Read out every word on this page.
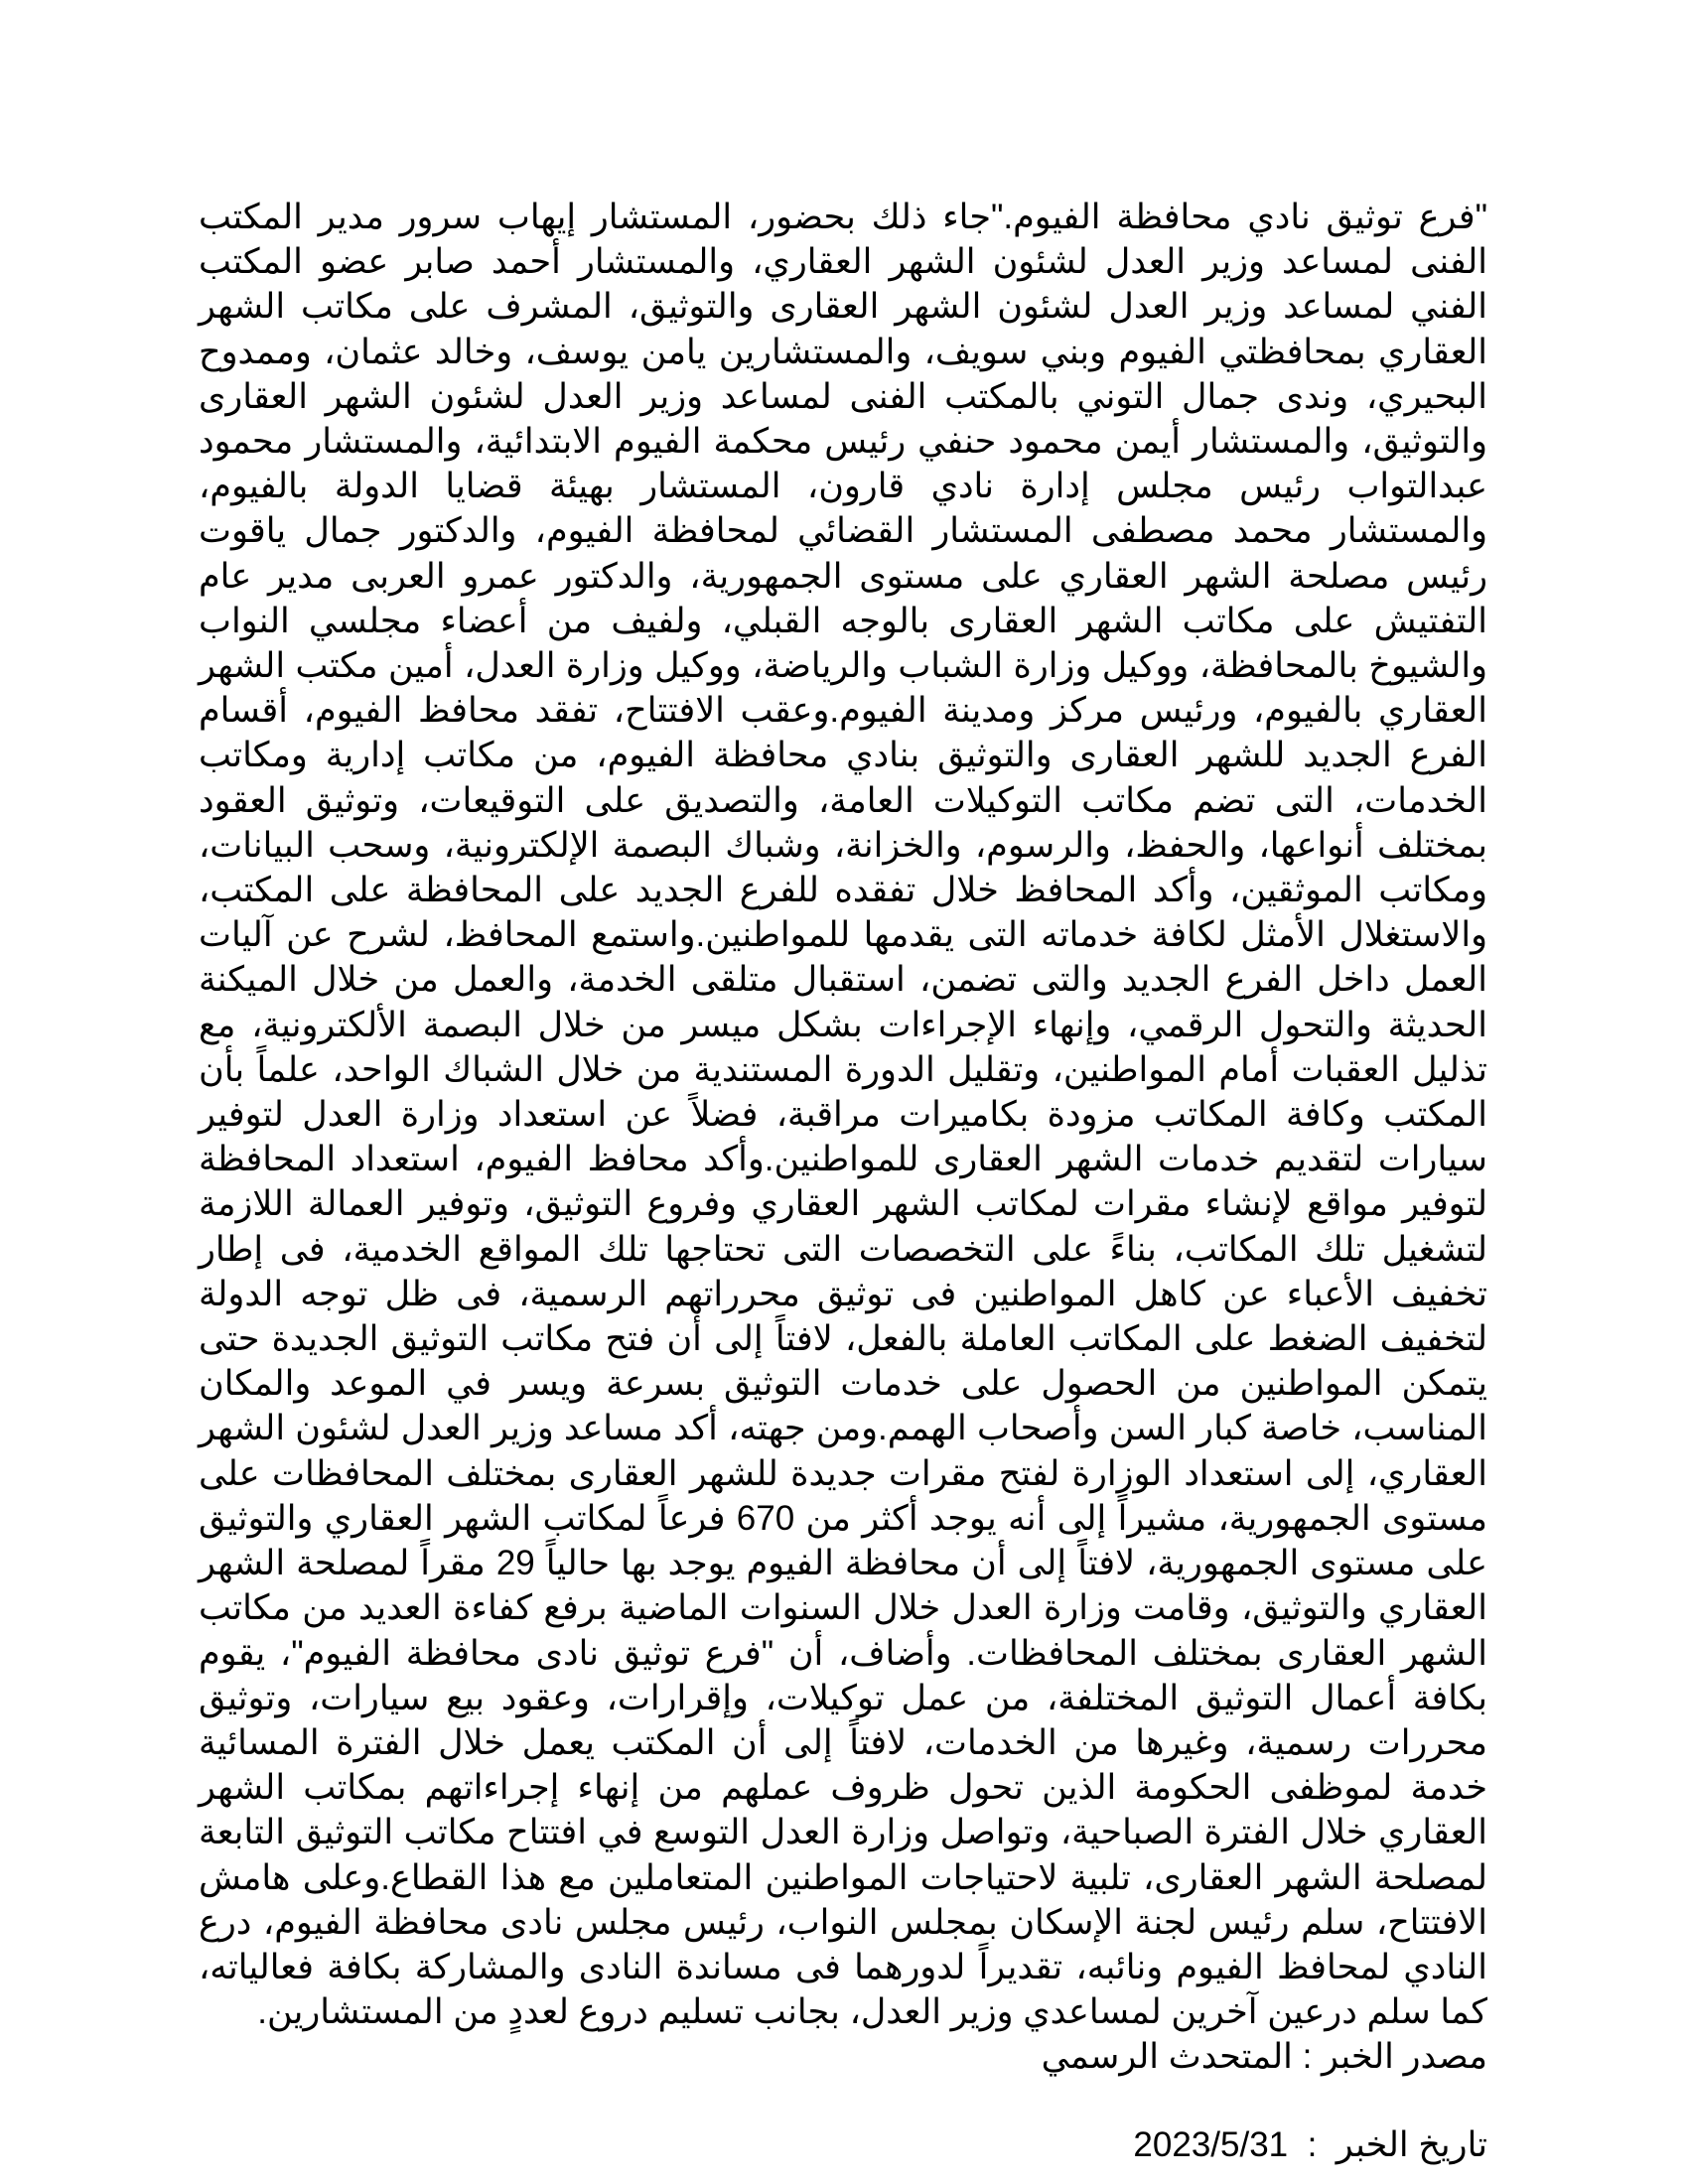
"فرع توثيق نادي محافظة الفيوم."جاء ذلك بحضور، المستشار إيهاب سرور مدير المكتب الفنى لمساعد وزير العدل لشئون الشهر العقاري، والمستشار أحمد صابر عضو المكتب الفني لمساعد وزير العدل لشئون الشهر العقارى والتوثيق، المشرف على مكاتب الشهر العقاري بمحافظتي الفيوم وبني سويف، والمستشارين يامن يوسف، وخالد عثمان، وممدوح البحيري، وندى جمال التوني بالمكتب الفنى لمساعد وزير العدل لشئون الشهر العقارى والتوثيق، والمستشار أيمن محمود حنفي رئيس محكمة الفيوم الابتدائية، والمستشار محمود عبدالتواب رئيس مجلس إدارة نادي قارون، المستشار بهيئة قضايا الدولة بالفيوم، والمستشار محمد مصطفى المستشار القضائي لمحافظة الفيوم، والدكتور جمال ياقوت رئيس مصلحة الشهر العقاري على مستوى الجمهورية، والدكتور عمرو العربى مدير عام التفتيش على مكاتب الشهر العقارى بالوجه القبلي، ولفيف من أعضاء مجلسي النواب والشيوخ بالمحافظة، ووكيل وزارة الشباب والرياضة، ووكيل وزارة العدل، أمين مكتب الشهر العقاري بالفيوم، ورئيس مركز ومدينة الفيوم.وعقب الافتتاح، تفقد محافظ الفيوم، أقسام الفرع الجديد للشهر العقارى والتوثيق بنادي محافظة الفيوم، من مكاتب إدارية ومكاتب الخدمات، التى تضم مكاتب التوكيلات العامة، والتصديق على التوقيعات، وتوثيق العقود بمختلف أنواعها، والحفظ، والرسوم، والخزانة، وشباك البصمة الإلكترونية، وسحب البيانات، ومكاتب الموثقين، وأكد المحافظ خلال تفقده للفرع الجديد على المحافظة على المكتب، والاستغلال الأمثل لكافة خدماته التى يقدمها للمواطنين.واستمع المحافظ، لشرح عن آليات العمل داخل الفرع الجديد والتى تضمن، استقبال متلقى الخدمة، والعمل من خلال الميكنة الحديثة والتحول الرقمي، وإنهاء الإجراءات بشكل ميسر من خلال البصمة الألكترونية، مع تذليل العقبات أمام المواطنين، وتقليل الدورة المستندية من خلال الشباك الواحد، علماً بأن المكتب وكافة المكاتب مزودة بكاميرات مراقبة، فضلاً عن استعداد وزارة العدل لتوفير سيارات لتقديم خدمات الشهر العقارى للمواطنين.وأكد محافظ الفيوم، استعداد المحافظة لتوفير مواقع لإنشاء مقرات لمكاتب الشهر العقاري وفروع التوثيق، وتوفير العمالة اللازمة لتشغيل تلك المكاتب، بناءً على التخصصات التى تحتاجها تلك المواقع الخدمية، فى إطار تخفيف الأعباء عن كاهل المواطنين فى توثيق محرراتهم الرسمية، فى ظل توجه الدولة لتخفيف الضغط على المكاتب العاملة بالفعل، لافتاً إلى أن فتح مكاتب التوثيق الجديدة حتى يتمكن المواطنين من الحصول على خدمات التوثيق بسرعة ويسر في الموعد والمكان المناسب، خاصة كبار السن وأصحاب الهمم.ومن جهته، أكد مساعد وزير العدل لشئون الشهر العقاري، إلى استعداد الوزارة لفتح مقرات جديدة للشهر العقارى بمختلف المحافظات على مستوى الجمهورية، مشيراً إلى أنه يوجد أكثر من 670 فرعاً لمكاتب الشهر العقاري والتوثيق على مستوى الجمهورية، لافتاً إلى أن محافظة الفيوم يوجد بها حالياً 29 مقراً لمصلحة الشهر العقاري والتوثيق، وقامت وزارة العدل خلال السنوات الماضية برفع كفاءة العديد من مكاتب الشهر العقارى بمختلف المحافظات. وأضاف، أن "فرع توثيق نادى محافظة الفيوم"، يقوم بكافة أعمال التوثيق المختلفة، من عمل توكيلات، وإقرارات، وعقود بيع سيارات، وتوثيق محررات رسمية، وغيرها من الخدمات، لافتاً إلى أن المكتب يعمل خلال الفترة المسائية خدمة لموظفى الحكومة الذين تحول ظروف عملهم من إنهاء إجراءاتهم بمكاتب الشهر العقاري خلال الفترة الصباحية، وتواصل وزارة العدل التوسع في افتتاح مكاتب التوثيق التابعة لمصلحة الشهر العقارى، تلبية لاحتياجات المواطنين المتعاملين مع هذا القطاع.وعلى هامش الافتتاح، سلم رئيس لجنة الإسكان بمجلس النواب، رئيس مجلس نادى محافظة الفيوم، درع النادي لمحافظ الفيوم ونائبه، تقديراً لدورهما فى مساندة النادى والمشاركة بكافة فعالياته، كما سلم درعين آخرين لمساعدي وزير العدل، بجانب تسليم دروع لعددٍ من المستشارين.

مصدر الخبر : المتحدث الرسمي

تاريخ الخبر  :  2023/5/31
